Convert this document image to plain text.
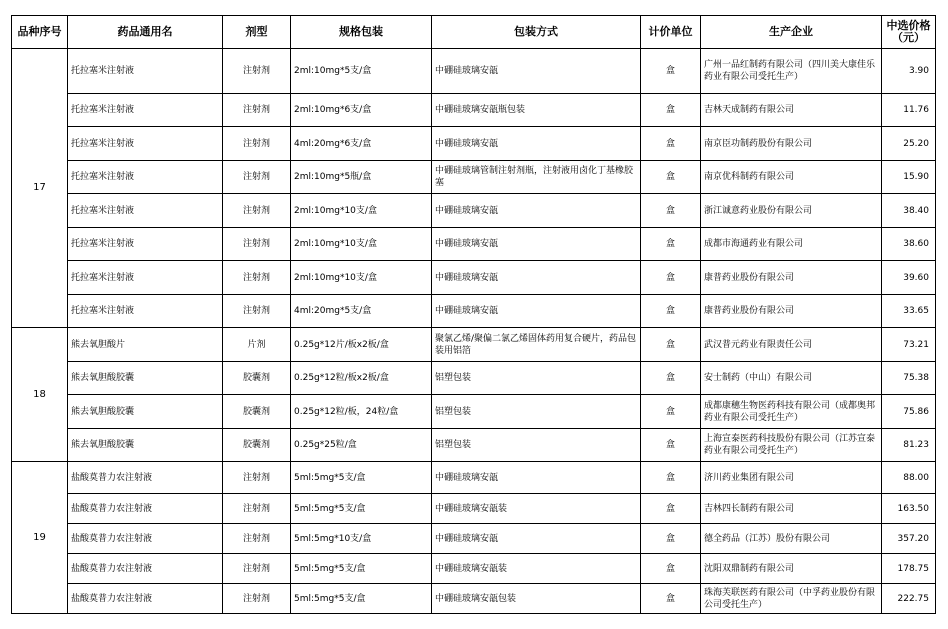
品种序号	药品通用名	剂型	规格包装	包装方式	计价单位	生产企业	中选价格（元）
17	托拉塞米注射液	注射剂	2ml:10mg*5支/盒	中硼硅玻璃安瓿	盒	广州一品红制药有限公司（四川美大康佳乐药业有限公司受托生产）	3.90
	托拉塞米注射液	注射剂	2ml:10mg*6支/盒	中硼硅玻璃安瓿瓶包装	盒	吉林天成制药有限公司	11.76
	托拉塞米注射液	注射剂	4ml:20mg*6支/盒	中硼硅玻璃安瓿	盒	南京臣功制药股份有限公司	25.20
	托拉塞米注射液	注射剂	2ml:10mg*5瓶/盒	中硼硅玻璃管制注射剂瓶，注射液用卤化丁基橡胶塞	盒	南京优科制药有限公司	15.90
	托拉塞米注射液	注射剂	2ml:10mg*10支/盒	中硼硅玻璃安瓿	盒	浙江诚意药业股份有限公司	38.40
	托拉塞米注射液	注射剂	2ml:10mg*10支/盒	中硼硅玻璃安瓿	盒	成都市海通药业有限公司	38.60
	托拉塞米注射液	注射剂	2ml:10mg*10支/盒	中硼硅玻璃安瓿	盒	康普药业股份有限公司	39.60
	托拉塞米注射液	注射剂	4ml:20mg*5支/盒	中硼硅玻璃安瓿	盒	康普药业股份有限公司	33.65
18	熊去氧胆酸片	片剂	0.25g*12片/板x2板/盒	聚氯乙烯/聚偏二氯乙烯固体药用复合硬片，药品包装用铝箔	盒	武汉普元药业有限责任公司	73.21
	熊去氧胆酸胶囊	胶囊剂	0.25g*12粒/板x2板/盒	铝塑包装	盒	安士制药（中山）有限公司	75.38
	熊去氧胆酸胶囊	胶囊剂	0.25g*12粒/板，24粒/盒	铝塑包装	盒	成都康穗生物医药科技有限公司（成都奥邦药业有限公司受托生产）	75.86
	熊去氧胆酸胶囊	胶囊剂	0.25g*25粒/盒	铝塑包装	盒	上海宣泰医药科技股份有限公司（江苏宣泰药业有限公司受托生产）	81.23
19	盐酸莫普力农注射液	注射剂	5ml:5mg*5支/盒	中硼硅玻璃安瓿	盒	济川药业集团有限公司	88.00
	盐酸莫普力农注射液	注射剂	5ml:5mg*5支/盒	中硼硅玻璃安瓿装	盒	吉林四长制药有限公司	163.50
	盐酸莫普力农注射液	注射剂	5ml:5mg*10支/盒	中硼硅玻璃安瓿	盒	德全药品（江苏）股份有限公司	357.20
	盐酸莫普力农注射液	注射剂	5ml:5mg*5支/盒	中硼硅玻璃安瓿装	盒	沈阳双鼎制药有限公司	178.75
	盐酸莫普力农注射液	注射剂	5ml:5mg*5支/盒	中硼硅玻璃安瓿包装	盒	珠海芙联医药有限公司（中孚药业股份有限公司受托生产）	222.75
